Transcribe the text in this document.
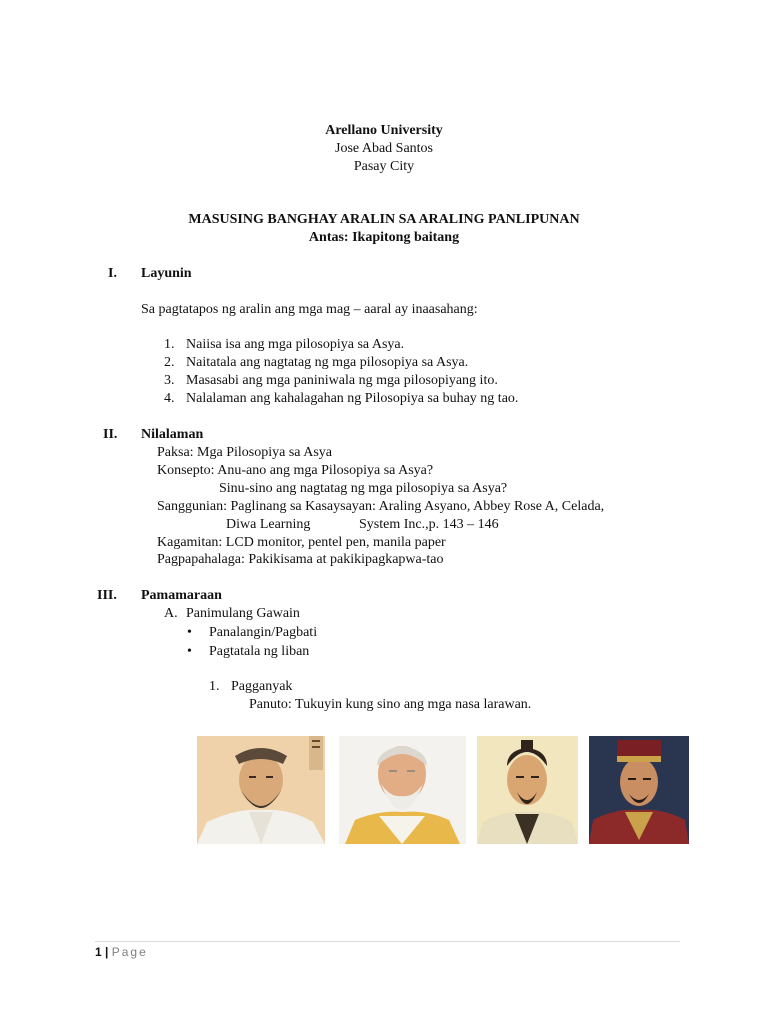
Arellano University
Jose Abad Santos
Pasay City
MASUSING BANGHAY ARALIN SA ARALING PANLIPUNAN
Antas: Ikapitong baitang
I. Layunin
Sa pagtatapos ng aralin ang mga mag – aaral ay inaasahang:
1. Naiisa isa ang mga pilosopiya sa Asya.
2. Naitatala ang nagtatag ng mga pilosopiya sa Asya.
3. Masasabi ang mga paniniwala ng mga pilosopiyang ito.
4. Nalalaman ang kahalagahan ng Pilosopiya sa buhay ng tao.
II. Nilalaman
Paksa: Mga Pilosopiya sa Asya
Konsepto: Anu-ano ang mga Pilosopiya sa Asya?
Sinu-sino ang nagtatag ng mga pilosopiya sa Asya?
Sanggunian: Paglinang sa Kasaysayan: Araling Asyano, Abbey Rose A, Celada,
Diwa Learning	System Inc.,p. 143 – 146
Kagamitan: LCD monitor, pentel pen, manila paper
Pagpapahalaga: Pakikisama at pakikipagkapwa-tao
III. Pamamaraan
A. Panimulang Gawain
•
Panalangin/Pagbati
•
Pagtatala ng liban
1. Pagganyak
Panuto: Tukuyin kung sino ang mga nasa larawan.
1 | Page
